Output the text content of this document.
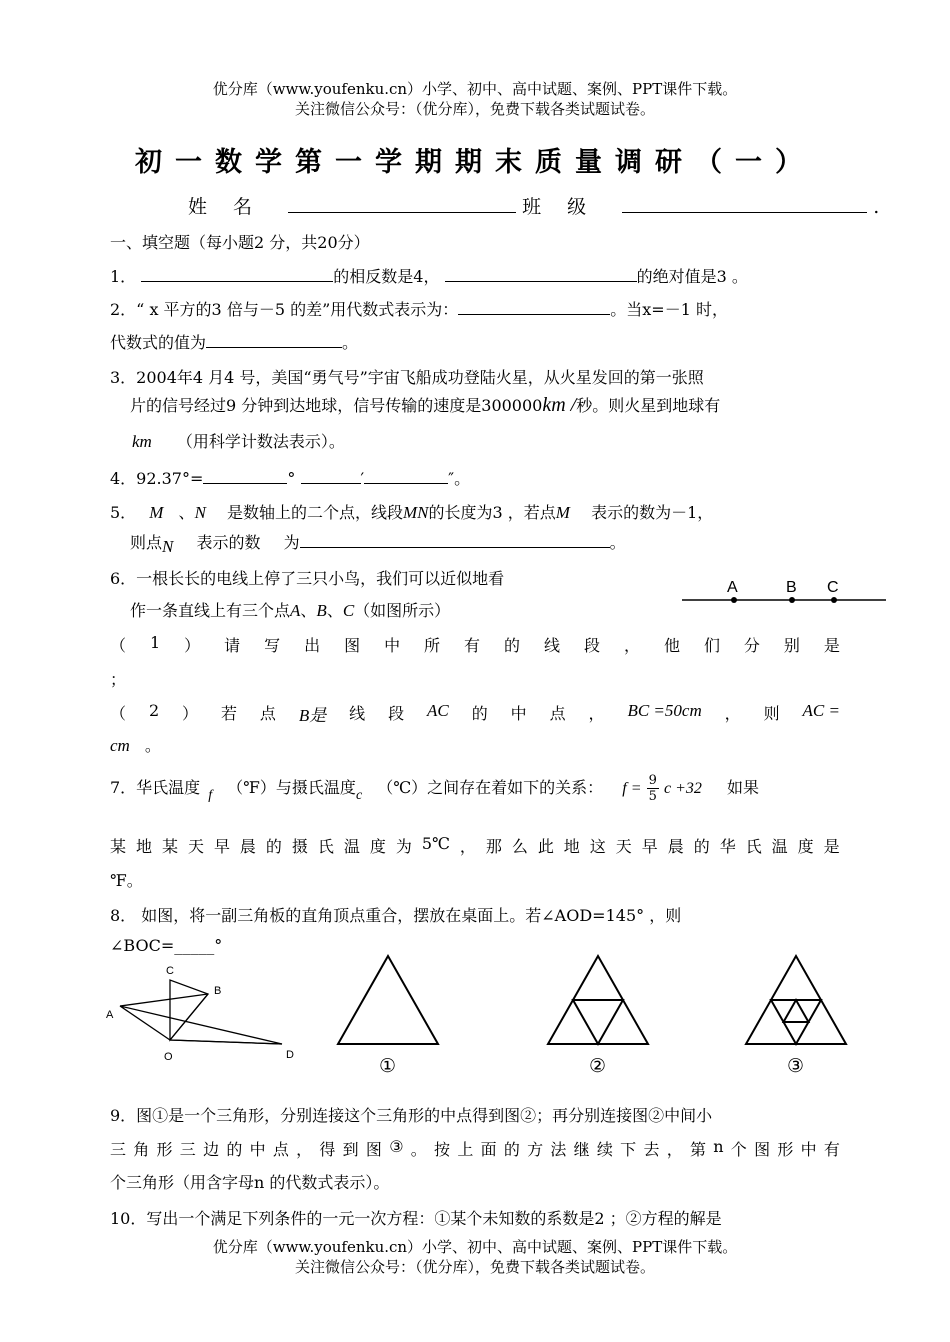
优分库（www.youfenku.cn）小学、初中、高中试题、案例、PPT课件下载。
关注微信公众号：（优分库），免费下载各类试题试卷。
初一数学第一学期期末质量调研（一）
姓 名	班 级	.
一、填空题（每小题2 分，共20分）
1．	的相反数是4，	的绝对值是3 。
2．“ x 平方的3 倍与－5 的差”用代数式表示为：	。当x=－1 时，
代数式的值为	。
3．2004年4 月4 号，美国“勇气号”宇宙飞船成功登陆火星，从火星发回的第一张照
片的信号经过9 分钟到达地球，信号传输的速度是300000km /秒。则火星到地球有
km （用科学计数法表示）。
4．92.37°=	°	′	″。
5． M 、N 是数轴上的二个点，线段MN的长度为3 ，若点M 表示的数为－1，
则点N 表示的数 为	。
6．一根长长的电线上停了三只小鸟，我们可以近似地看
作一条直线上有三个点A、B、C（如图所示）
A	B C
（ 1 ） 请 写 出 图 中 所 有 的 线 段 ， 他 们 分 别 是
；
（ 2 ） 若 点 B是 线 段 AC 的 中 点 ， BC =50cm ， 则 AC =
cm 。
7．华氏温度 f （℉）与摄氏温度c （℃）之间存在着如下的关系： $f = \frac{9}{5}$ c +32 如果
某 地 某 天 早 晨 的 摄 氏 温 度 为 5℃ ， 那 么 此 地 这 天 早 晨 的 华 氏 温 度 是
℉。
8． 如图，将一副三角板的直角顶点重合，摆放在桌面上。若∠AOD=145° ，则
∠BOC=_____°
C
B
A
O	D
①	②	③
9．图①是一个三角形，分别连接这个三角形的中点得到图②；再分别连接图②中间小
三 角 形 三 边 的 中 点 ， 得 到 图 ③ 。 按 上 面 的 方 法 继 续 下 去 ， 第 n 个 图 形 中 有
个三角形（用含字母n 的代数式表示）。
10．写出一个满足下列条件的一元一次方程：①某个未知数的系数是2 ；②方程的解是
优分库（www.youfenku.cn）小学、初中、高中试题、案例、PPT课件下载。
关注微信公众号：（优分库），免费下载各类试题试卷。
